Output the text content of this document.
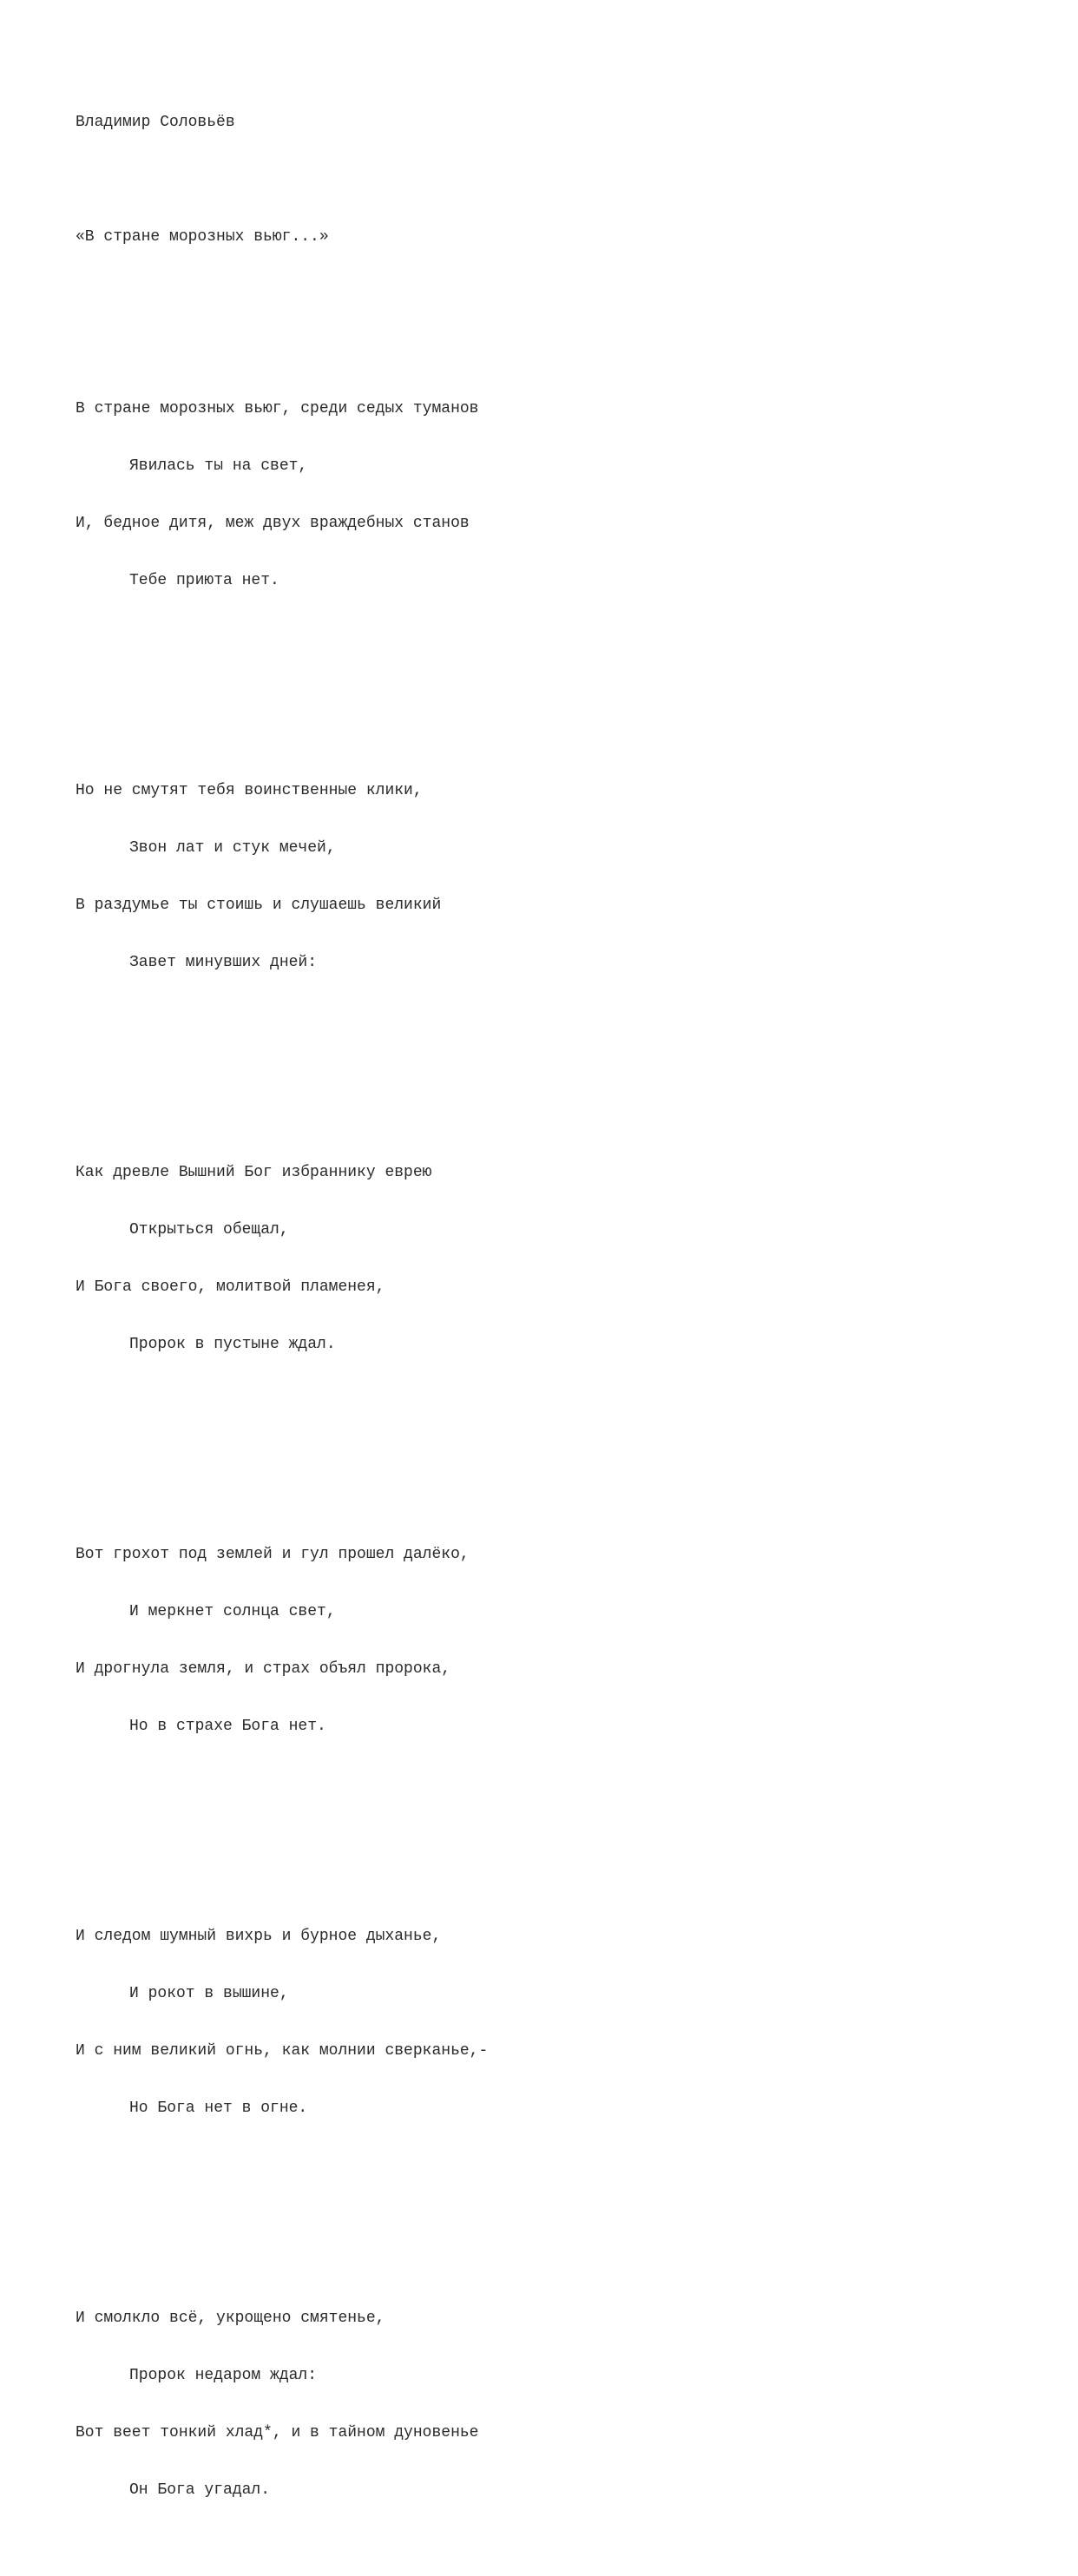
Владимир Соловьёв

«В стране морозных вьюг...»

В стране морозных вьюг, среди седых туманов

Явилась ты на свет,

И, бедное дитя, меж двух враждебных станов

Тебе приюта нет.

Но не смутят тебя воинственные клики,

Звон лат и стук мечей,

В раздумье ты стоишь и слушаешь великий

Завет минувших дней:

Как древле Вышний Бог избраннику еврею

Открыться обещал,

И Бога своего, молитвой пламенея,

Пророк в пустыне ждал.

Вот грохот под землей и гул прошел далёко,

И меркнет солнца свет,

И дрогнула земля, и страх объял пророка,

Но в страхе Бога нет.

И следом шумный вихрь и бурное дыханье,

И рокот в вышине,

И с ним великий огнь, как молнии сверканье,-

Но Бога нет в огне.

И смолкло всё, укрощено смятенье,

Пророк недаром ждал:

Вот веет тонкий хлад*, и в тайном дуновенье

Он Бога угадал.
